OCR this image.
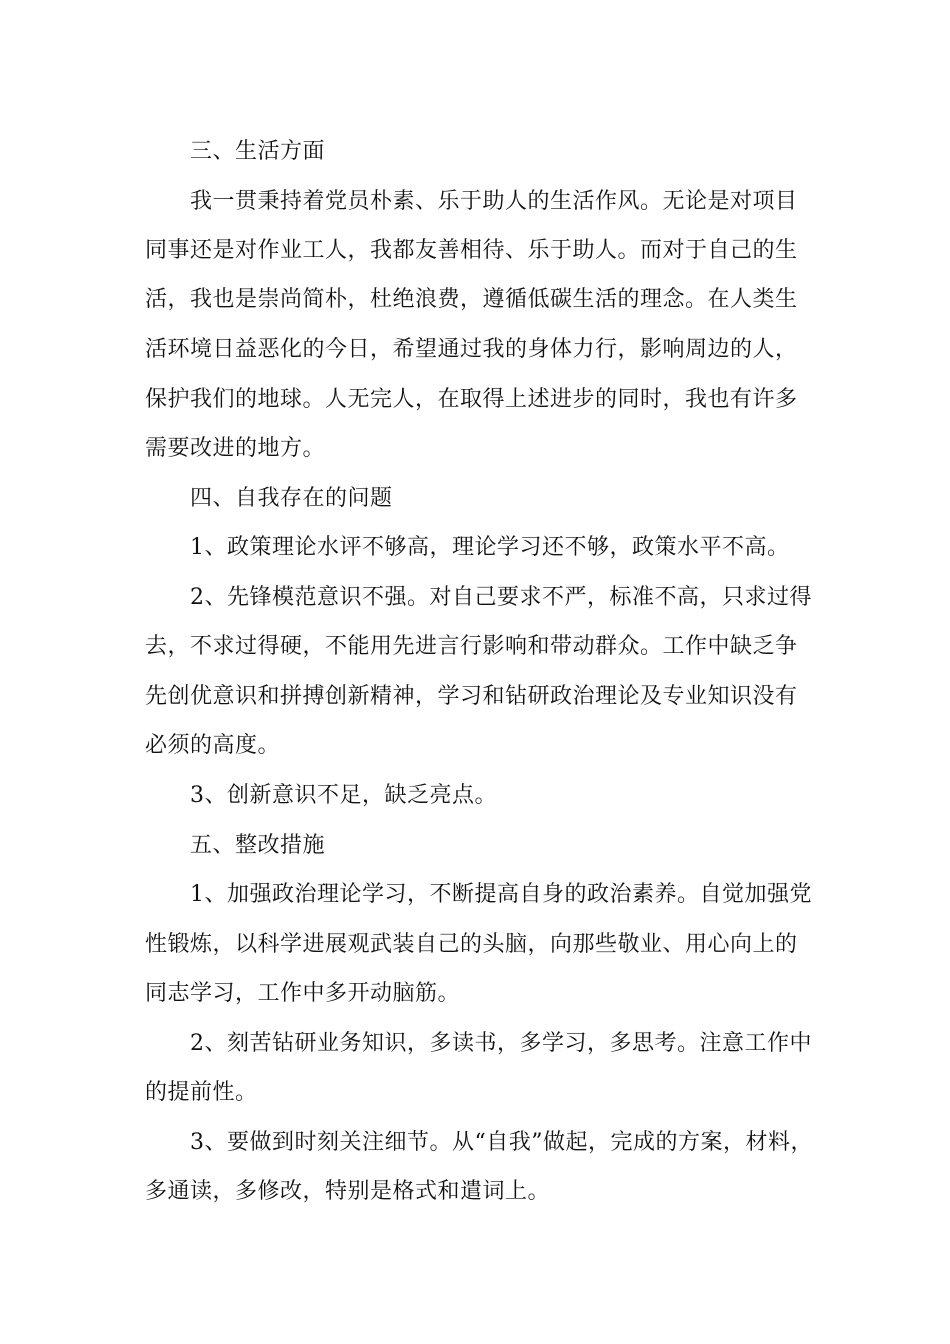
三、生活方面
我一贯秉持着党员朴素、乐于助人的生活作风。无论是对项目
同事还是对作业工人，我都友善相待、乐于助人。而对于自己的生
活，我也是崇尚简朴，杜绝浪费，遵循低碳生活的理念。在人类生
活环境日益恶化的今日，希望通过我的身体力行，影响周边的人，
保护我们的地球。人无完人，在取得上述进步的同时，我也有许多
需要改进的地方。
四、自我存在的问题
1、政策理论水评不够高，理论学习还不够，政策水平不高。
2、先锋模范意识不强。对自己要求不严，标准不高，只求过得
去，不求过得硬，不能用先进言行影响和带动群众。工作中缺乏争
先创优意识和拼搏创新精神，学习和钻研政治理论及专业知识没有
必须的高度。
3、创新意识不足，缺乏亮点。
五、整改措施
1、加强政治理论学习，不断提高自身的政治素养。自觉加强党
性锻炼，以科学进展观武装自己的头脑，向那些敬业、用心向上的
同志学习，工作中多开动脑筋。
2、刻苦钻研业务知识，多读书，多学习，多思考。注意工作中
的提前性。
3、要做到时刻关注细节。从“自我”做起，完成的方案，材料，
多通读，多修改，特别是格式和遣词上。
